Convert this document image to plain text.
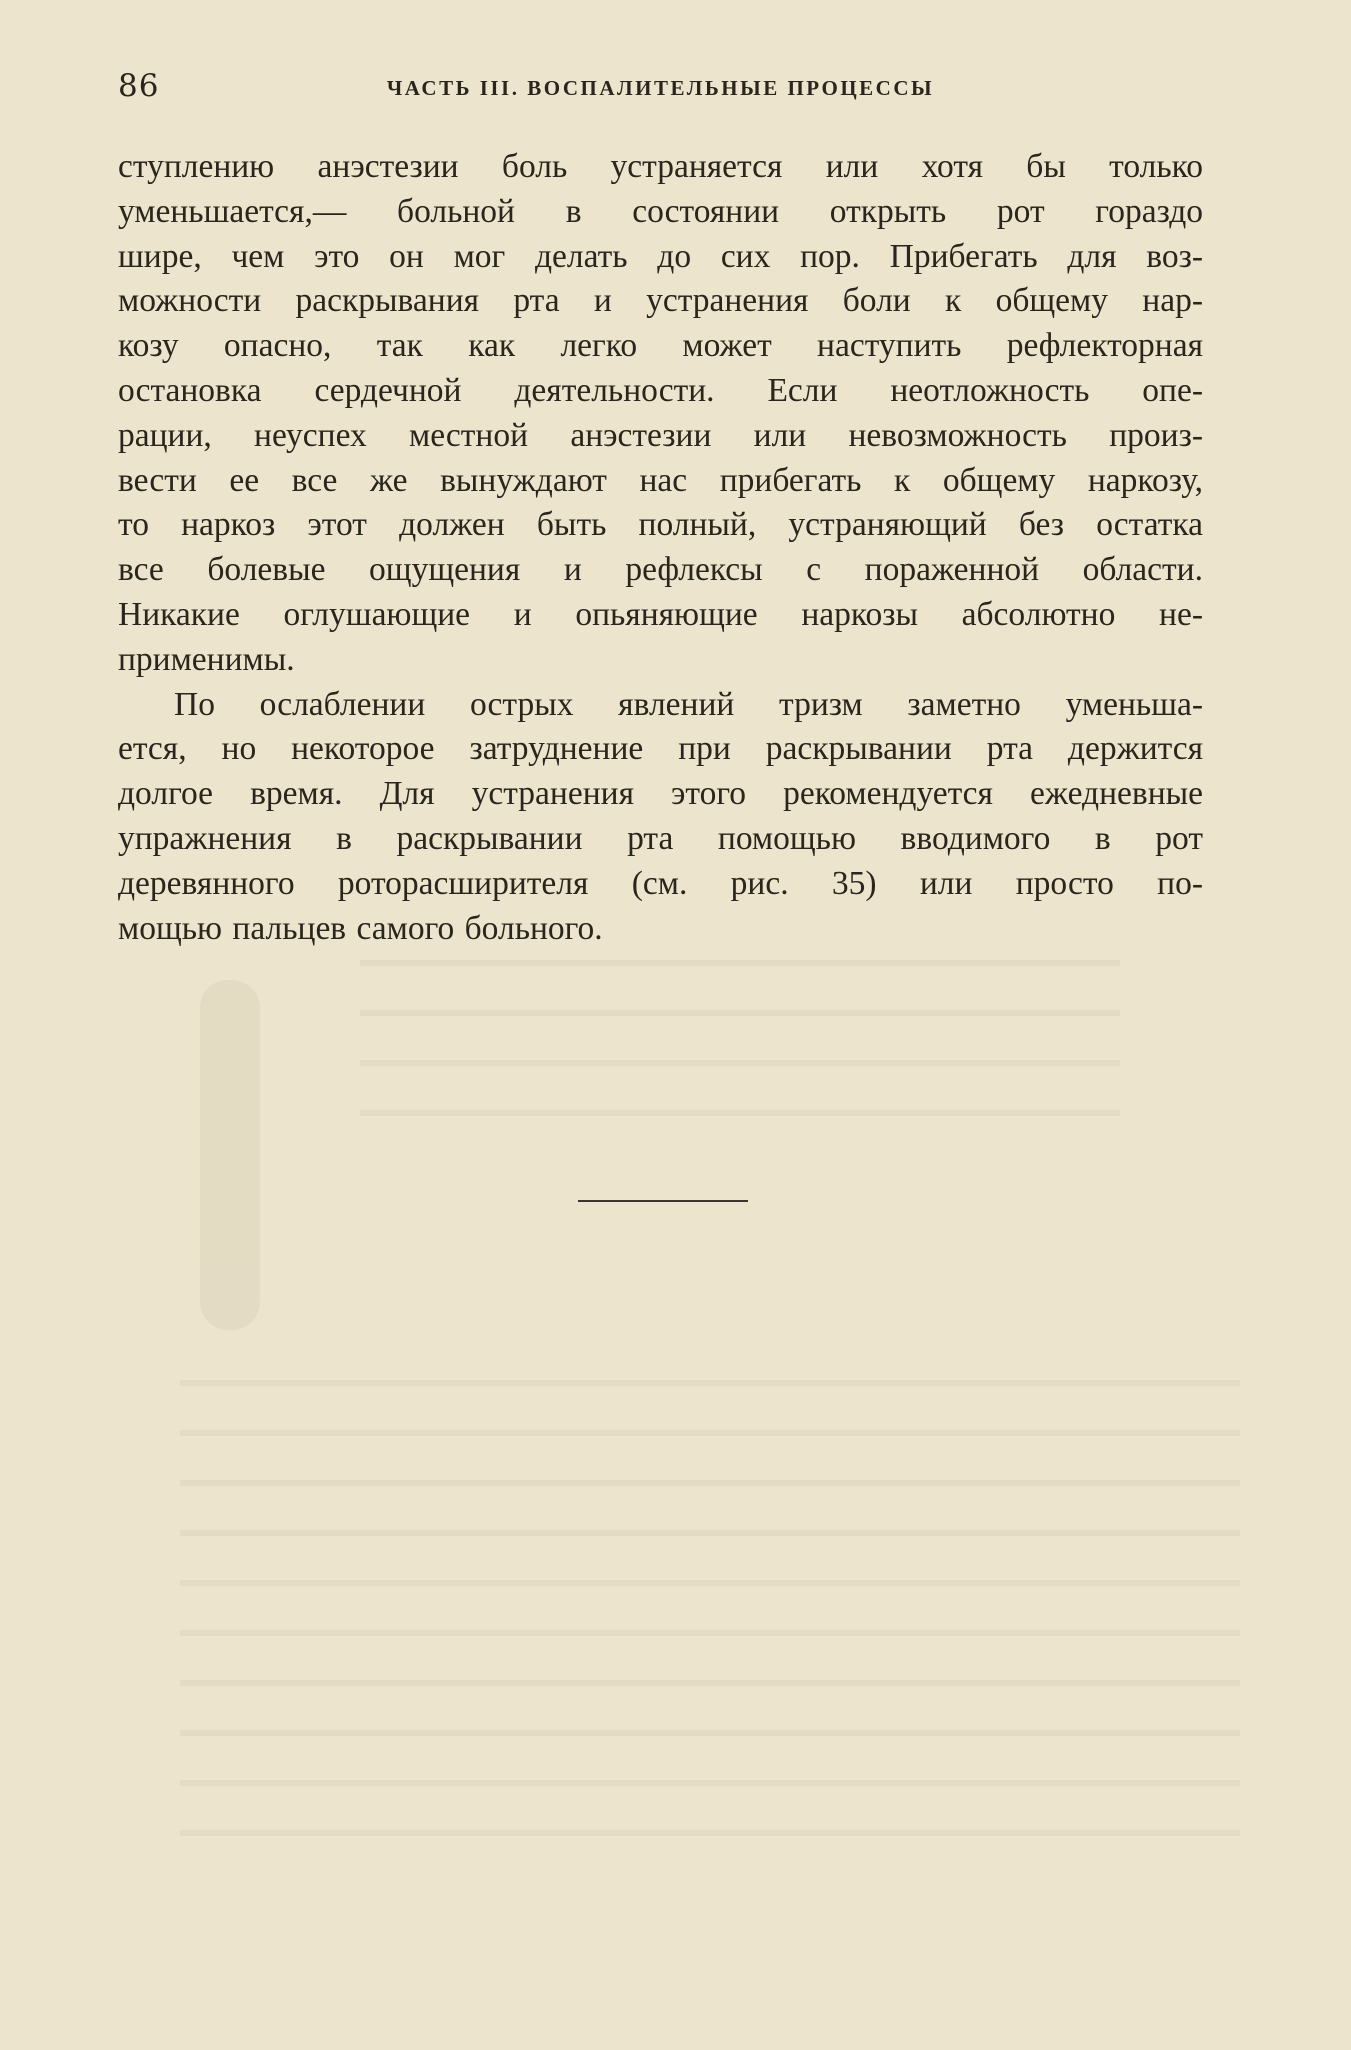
86	ЧАСТЬ III. ВОСПАЛИТЕЛЬНЫЕ ПРОЦЕССЫ
ступлению анэстезии боль устраняется или хотя бы только
уменьшается,— больной в состоянии открыть рот гораздо
шире, чем это он мог делать до сих пор. Прибегать для воз-
можности раскрывания рта и устранения боли к общему нар-
козу опасно, так как легко может наступить рефлекторная
остановка сердечной деятельности. Если неотложность опе-
рации, неуспех местной анэстезии или невозможность произ-
вести ее все же вынуждают нас прибегать к общему наркозу,
то наркоз этот должен быть полный, устраняющий без остатка
все болевые ощущения и рефлексы с пораженной области.
Никакие оглушающие и опьяняющие наркозы абсолютно не-
применимы.
По ослаблении острых явлений тризм заметно уменьша-
ется, но некоторое затруднение при раскрывании рта держится
долгое время. Для устранения этого рекомендуется ежедневные
упражнения в раскрывании рта помощью вводимого в рот
деревянного роторасширителя (см. рис. 35) или просто по-
мощью пальцев самого больного.
